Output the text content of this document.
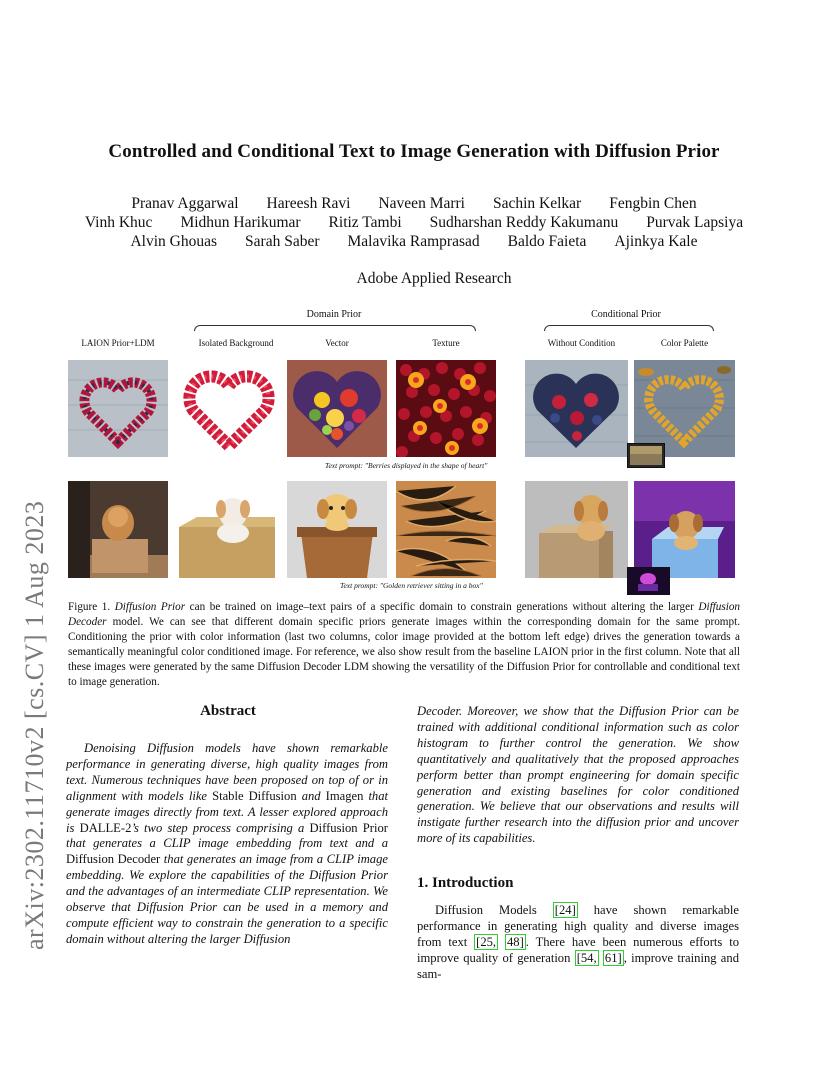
arXiv:2302.11710v2 [cs.CV] 1 Aug 2023
Controlled and Conditional Text to Image Generation with Diffusion Prior
Pranav Aggarwal Hareesh Ravi Naveen Marri Sachin Kelkar Fengbin Chen
Vinh Khuc Midhun Harikumar Ritiz Tambi Sudharshan Reddy Kakumanu Purvak Lapsiya
Alvin Ghouas Sarah Saber Malavika Ramprasad Baldo Faieta Ajinkya Kale
Adobe Applied Research
Domain Prior	Conditional Prior
LAION Prior+LDM	Isolated Background	Vector	Texture	Without Condition	Color Palette
Text prompt: "Berries displayed in the shape of heart"
Text prompt: "Golden retriever sitting in a box"
Figure 1. Diffusion Prior can be trained on image–text pairs of a specific domain to constrain generations without altering the larger Diffusion Decoder model. We can see that different domain specific priors generate images within the corresponding domain for the same prompt. Conditioning the prior with color information (last two columns, color image provided at the bottom left edge) drives the generation towards a semantically meaningful color conditioned image. For reference, we also show result from the baseline LAION prior in the first column. Note that all these images were generated by the same Diffusion Decoder LDM showing the versatility of the Diffusion Prior for controllable and conditional text to image generation.
Abstract
Denoising Diffusion models have shown remarkable performance in generating diverse, high quality images from text. Numerous techniques have been proposed on top of or in alignment with models like Stable Diffusion and Imagen that generate images directly from text. A lesser explored approach is DALLE-2’s two step process comprising a Diffusion Prior that generates a CLIP image embedding from text and a Diffusion Decoder that generates an image from a CLIP image embedding. We explore the capabilities of the Diffusion Prior and the advantages of an intermediate CLIP representation. We observe that Diffusion Prior can be used in a memory and compute efficient way to constrain the generation to a specific domain without altering the larger Diffusion
Decoder. Moreover, we show that the Diffusion Prior can be trained with additional conditional information such as color histogram to further control the generation. We show quantitatively and qualitatively that the proposed approaches perform better than prompt engineering for domain specific generation and existing baselines for color conditioned generation. We believe that our observations and results will instigate further research into the diffusion prior and uncover more of its capabilities.
1. Introduction
Diffusion Models [24] have shown remarkable performance in generating high quality and diverse images from text [25, 48] . There have been numerous efforts to improve quality of generation [54, 61] , improve training and sam-
